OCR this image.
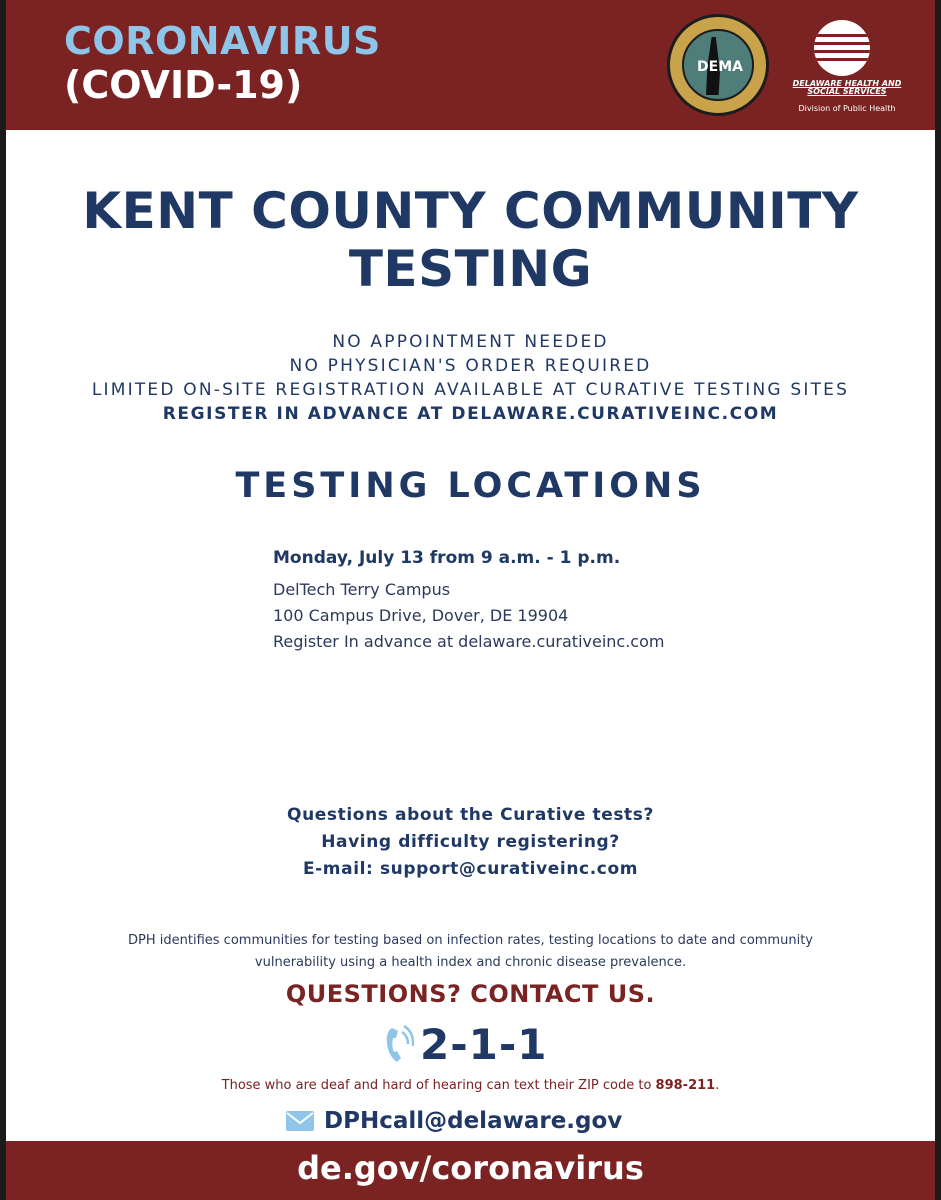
CORONAVIRUS
(COVID-19)	DEMA
DELAWARE HEALTH AND SOCIAL SERVICES
Division of Public Health
KENT COUNTY COMMUNITY TESTING
NO APPOINTMENT NEEDED
NO PHYSICIAN'S ORDER REQUIRED
LIMITED ON-SITE REGISTRATION AVAILABLE AT CURATIVE TESTING SITES
REGISTER IN ADVANCE AT DELAWARE.CURATIVEINC.COM
TESTING LOCATIONS
Monday, July 13 from 9 a.m. - 1 p.m.
DelTech Terry Campus
100 Campus Drive, Dover, DE 19904
Register In advance at delaware.curativeinc.com
Questions about the Curative tests?
Having difficulty registering?
E-mail: support@curativeinc.com
DPH identifies communities for testing based on infection rates, testing locations to date and community vulnerability using a health index and chronic disease prevalence.
QUESTIONS? CONTACT US.
2-1-1
Those who are deaf and hard of hearing can text their ZIP code to 898-211.
DPHcall@delaware.gov
de.gov/coronavirus
